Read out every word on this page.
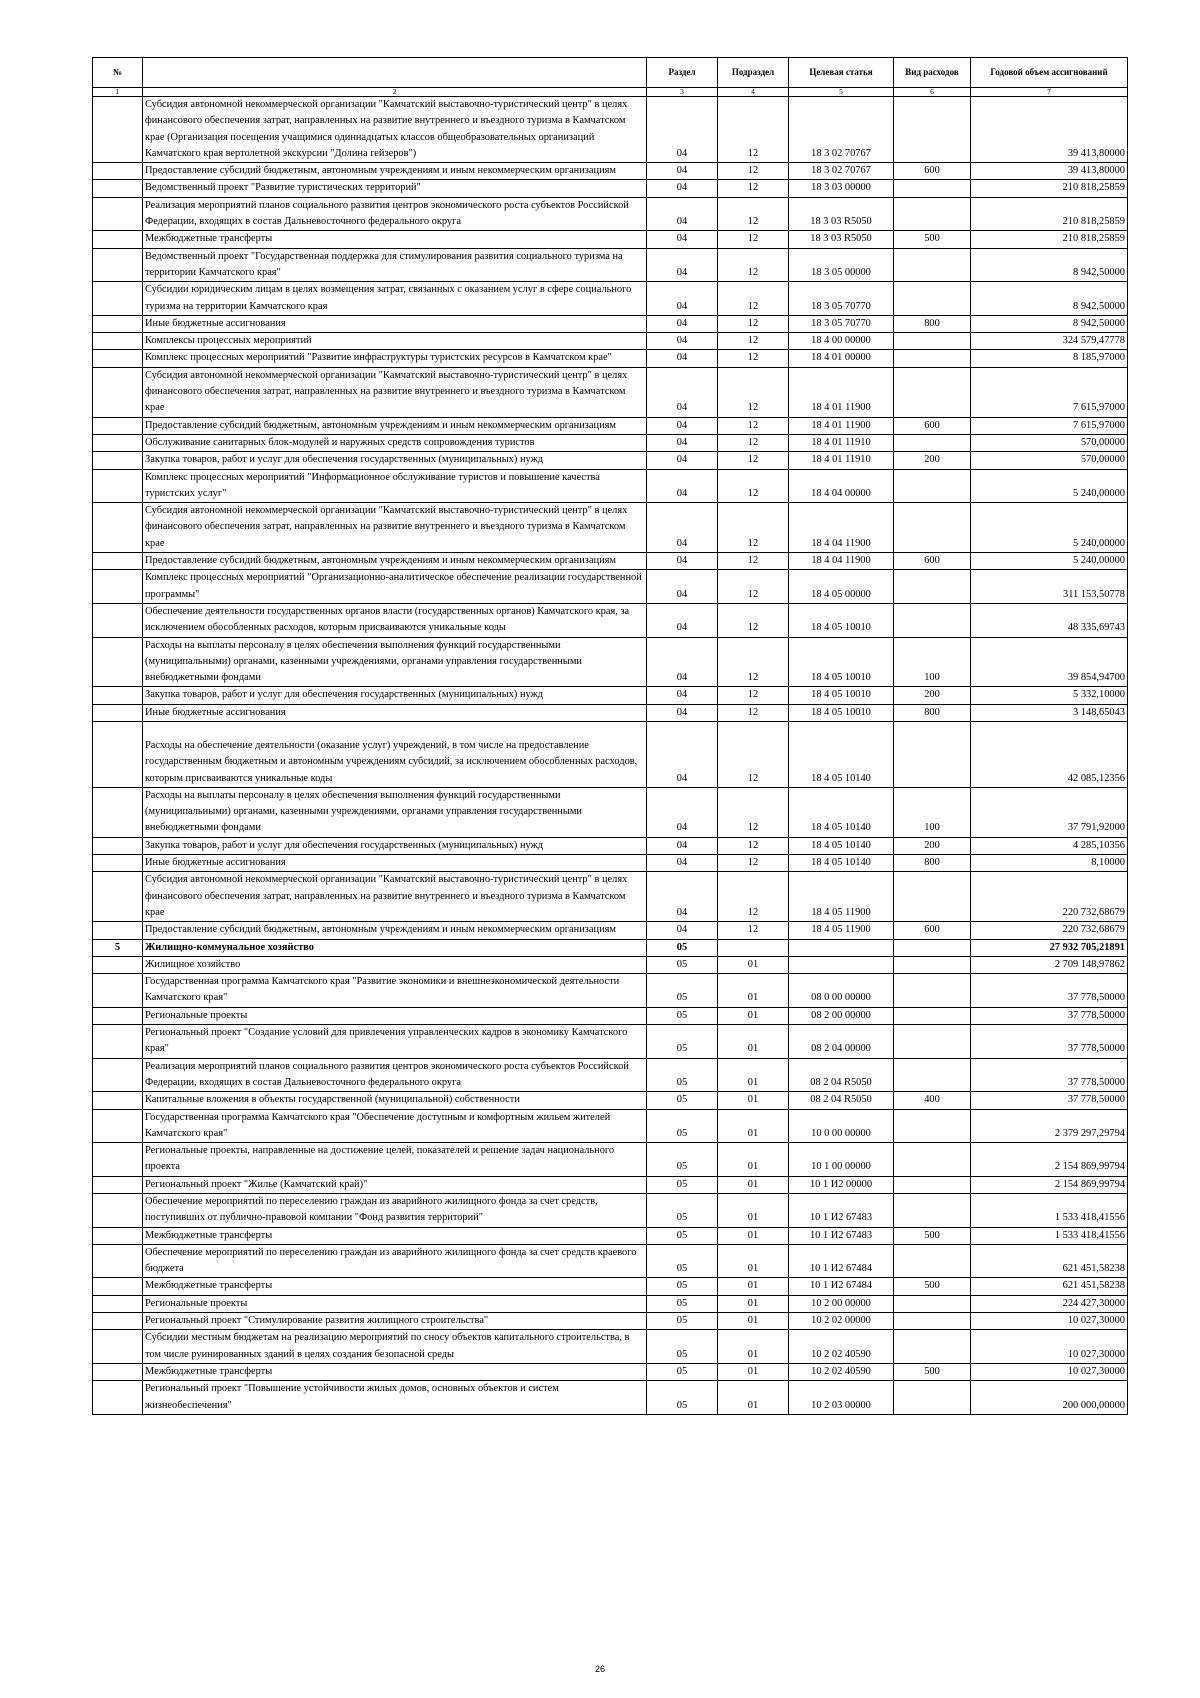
№		Раздел	Подраздел	Целевая статья	Вид расходов	Годовой объем ассигнований
1	2	3	4	5	6	7
	Субсидия автономной некоммерческой организации "Камчатский выставочно-туристический центр" в целях финансового обеспечения затрат, направленных на развитие внутреннего и въездного туризма в Камчатском крае (Организация посещения учащимися одиннадцатых классов общеобразовательных организаций Камчатского края вертолетной экскурсии "Долина гейзеров")	04	12	18 3 02 70767		39 413,80000
	Предоставление субсидий бюджетным, автономным учреждениям и иным некоммерческим организациям	04	12	18 3 02 70767	600	39 413,80000
	Ведомственный проект "Развитие туристических территорий"	04	12	18 3 03 00000		210 818,25859
	Реализация мероприятий планов социального развития центров экономического роста субъектов Российской Федерации, входящих в состав Дальневосточного федерального округа	04	12	18 3 03 R5050		210 818,25859
	Межбюджетные трансферты	04	12	18 3 03 R5050	500	210 818,25859
	Ведомственный проект "Государственная поддержка для стимулирования развития социального туризма на территории Камчатского края"	04	12	18 3 05 00000		8 942,50000
	Субсидии юридическим лицам в целях возмещения затрат, связанных с оказанием услуг в сфере социального туризма на территории Камчатского края	04	12	18 3 05 70770		8 942,50000
	Иные бюджетные ассигнования	04	12	18 3 05 70770	800	8 942,50000
	Комплексы процессных мероприятий	04	12	18 4 00 00000		324 579,47778
	Комплекс процессных мероприятий "Развитие инфраструктуры туристских ресурсов в Камчатском крае"	04	12	18 4 01 00000		8 185,97000
	Субсидия автономной некоммерческой организации "Камчатский выставочно-туристический центр" в целях финансового обеспечения затрат, направленных на развитие внутреннего и въездного туризма в Камчатском крае	04	12	18 4 01 11900		7 615,97000
	Предоставление субсидий бюджетным, автономным учреждениям и иным некоммерческим организациям	04	12	18 4 01 11900	600	7 615,97000
	Обслуживание санитарных блок-модулей и наружных средств сопровождения туристов	04	12	18 4 01 11910		570,00000
	Закупка товаров, работ и услуг для обеспечения государственных (муниципальных) нужд	04	12	18 4 01 11910	200	570,00000
	Комплекс процессных мероприятий "Информационное обслуживание туристов и повышение качества туристских услуг"	04	12	18 4 04 00000		5 240,00000
	Субсидия автономной некоммерческой организации "Камчатский выставочно-туристический центр" в целях финансового обеспечения затрат, направленных на развитие внутреннего и въездного туризма в Камчатском крае	04	12	18 4 04 11900		5 240,00000
	Предоставление субсидий бюджетным, автономным учреждениям и иным некоммерческим организациям	04	12	18 4 04 11900	600	5 240,00000
	Комплекс процессных мероприятий "Организационно-аналитическое обеспечение реализации государственной программы"	04	12	18 4 05 00000		311 153,50778
	Обеспечение деятельности государственных органов власти (государственных органов) Камчатского края, за исключением обособленных расходов, которым присваиваются уникальные коды	04	12	18 4 05 10010		48 335,69743
	Расходы на выплаты персоналу в целях обеспечения выполнения функций государственными (муниципальными) органами, казенными учреждениями, органами управления государственными внебюджетными фондами	04	12	18 4 05 10010	100	39 854,94700
	Закупка товаров, работ и услуг для обеспечения государственных (муниципальных) нужд	04	12	18 4 05 10010	200	5 332,10000
	Иные бюджетные ассигнования	04	12	18 4 05 10010	800	3 148,65043
	Расходы на обеспечение деятельности (оказание услуг) учреждений, в том числе на предоставление государственным бюджетным и автономным учреждениям субсидий, за исключением обособленных расходов, которым присваиваются уникальные коды	04	12	18 4 05 10140		42 085,12356
	Расходы на выплаты персоналу в целях обеспечения выполнения функций государственными (муниципальными) органами, казенными учреждениями, органами управления государственными внебюджетными фондами	04	12	18 4 05 10140	100	37 791,92000
	Закупка товаров, работ и услуг для обеспечения государственных (муниципальных) нужд	04	12	18 4 05 10140	200	4 285,10356
	Иные бюджетные ассигнования	04	12	18 4 05 10140	800	8,10000
	Субсидия автономной некоммерческой организации "Камчатский выставочно-туристический центр" в целях финансового обеспечения затрат, направленных на развитие внутреннего и въездного туризма в Камчатском крае	04	12	18 4 05 11900		220 732,68679
	Предоставление субсидий бюджетным, автономным учреждениям и иным некоммерческим организациям	04	12	18 4 05 11900	600	220 732,68679
5	Жилищно-коммунальное хозяйство	05				27 932 705,21891
	Жилищное хозяйство	05	01			2 709 148,97862
	Государственная программа Камчатского края "Развитие экономики и внешнеэкономической деятельности Камчатского края"	05	01	08 0 00 00000		37 778,50000
	Региональные проекты	05	01	08 2 00 00000		37 778,50000
	Региональный проект "Создание условий для привлечения управленческих кадров в экономику Камчатского края"	05	01	08 2 04 00000		37 778,50000
	Реализация мероприятий планов социального развития центров экономического роста субъектов Российской Федерации, входящих в состав Дальневосточного федерального округа	05	01	08 2 04 R5050		37 778,50000
	Капитальные вложения в объекты государственной (муниципальной) собственности	05	01	08 2 04 R5050	400	37 778,50000
	Государственная программа Камчатского края "Обеспечение доступным и комфортным жильем жителей Камчатского края"	05	01	10 0 00 00000		2 379 297,29794
	Региональные проекты, направленные на достижение целей, показателей и решение задач национального проекта	05	01	10 1 00 00000		2 154 869,99794
	Региональный проект "Жилье (Камчатский край)"	05	01	10 1 И2 00000		2 154 869,99794
	Обеспечение мероприятий по переселению граждан из аварийного жилищного фонда за счет средств, поступивших от публично-правовой компании "Фонд развития территорий"	05	01	10 1 И2 67483		1 533 418,41556
	Межбюджетные трансферты	05	01	10 1 И2 67483	500	1 533 418,41556
	Обеспечение мероприятий по переселению граждан из аварийного жилищного фонда за счет средств краевого бюджета	05	01	10 1 И2 67484		621 451,58238
	Межбюджетные трансферты	05	01	10 1 И2 67484	500	621 451,58238
	Региональные проекты	05	01	10 2 00 00000		224 427,30000
	Региональный проект "Стимулирование развития жилищного строительства"	05	01	10 2 02 00000		10 027,30000
	Субсидии местным бюджетам на реализацию мероприятий по сносу объектов капитального строительства, в том числе руинированных зданий в целях создания безопасной среды	05	01	10 2 02 40590		10 027,30000
	Межбюджетные трансферты	05	01	10 2 02 40590	500	10 027,30000
	Региональный проект "Повышение устойчивости жилых домов, основных объектов и систем жизнеобеспечения"	05	01	10 2 03 00000		200 000,00000
26
